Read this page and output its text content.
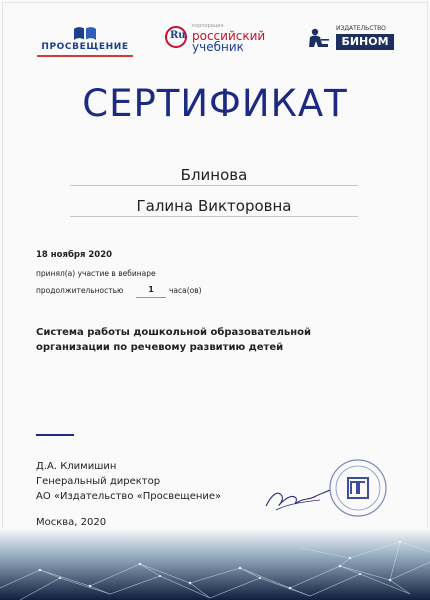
ПРОСВЕЩЕНИЕ
Ru
корпорация
российский
учебник
ИЗДАТЕЛЬСТВО
БИНОМ
СЕРТИФИКАТ
Блинова
Галина Викторовна
18 ноября 2020
принял(а) участие в вебинаре
продолжительностью	1	часа(ов)
Система работы дошкольной образовательной организации по речевому развитию детей
Д.А. Климишин
Генеральный директор
АО «Издательство «Просвещение»
Москва, 2020
